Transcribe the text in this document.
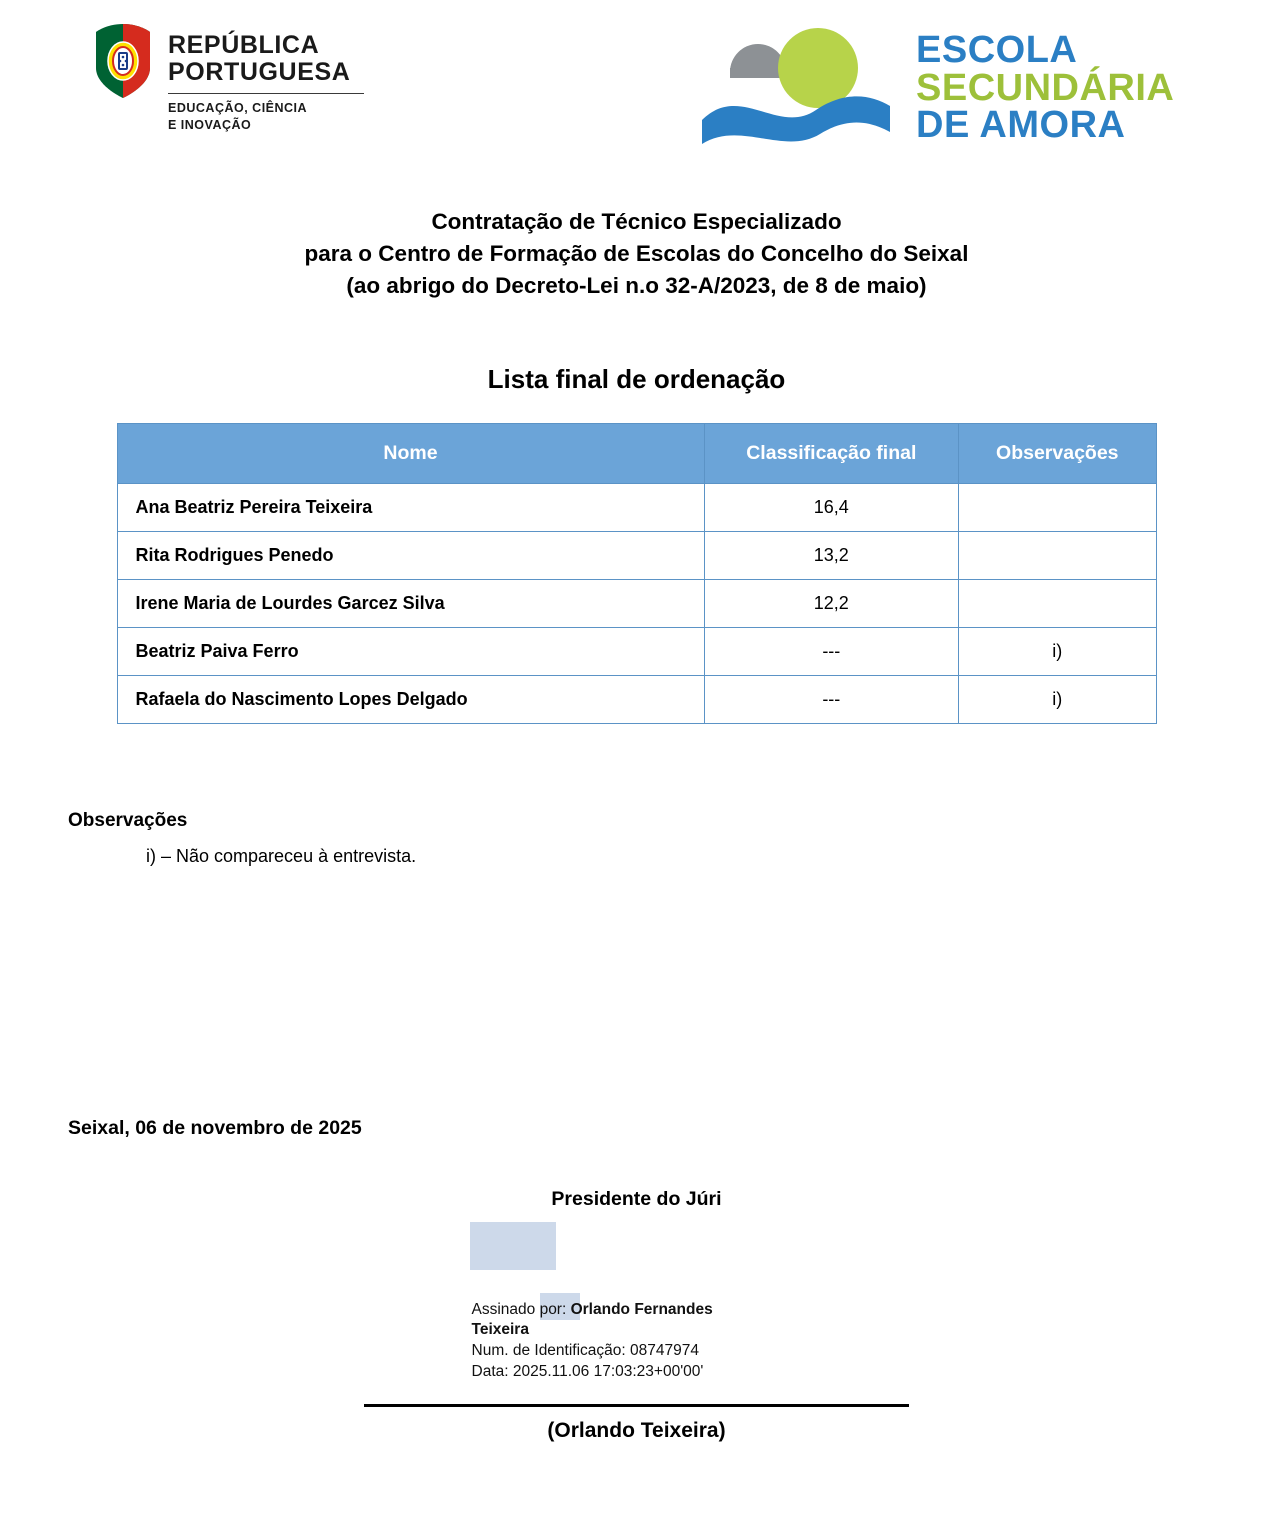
REPÚBLICA
PORTUGUESA
EDUCAÇÃO, CIÊNCIA
E INOVAÇÃO
ESCOLA
SECUNDÁRIA
DE AMORA
Contratação de Técnico Especializado
para o Centro de Formação de Escolas do Concelho do Seixal
(ao abrigo do Decreto-Lei n.o 32-A/2023, de 8 de maio)
Lista final de ordenação
Nome	Classificação final	Observações
Ana Beatriz Pereira Teixeira	16,4	
Rita Rodrigues Penedo	13,2	
Irene Maria de Lourdes Garcez Silva	12,2	
Beatriz Paiva Ferro	---	i)
Rafaela do Nascimento Lopes Delgado	---	i)
Observações
i) – Não compareceu à entrevista.
Seixal, 06 de novembro de 2025
Presidente do Júri
Assinado por: Orlando Fernandes
Teixeira
Num. de Identificação: 08747974
Data: 2025.11.06 17:03:23+00'00'
(Orlando Teixeira)
